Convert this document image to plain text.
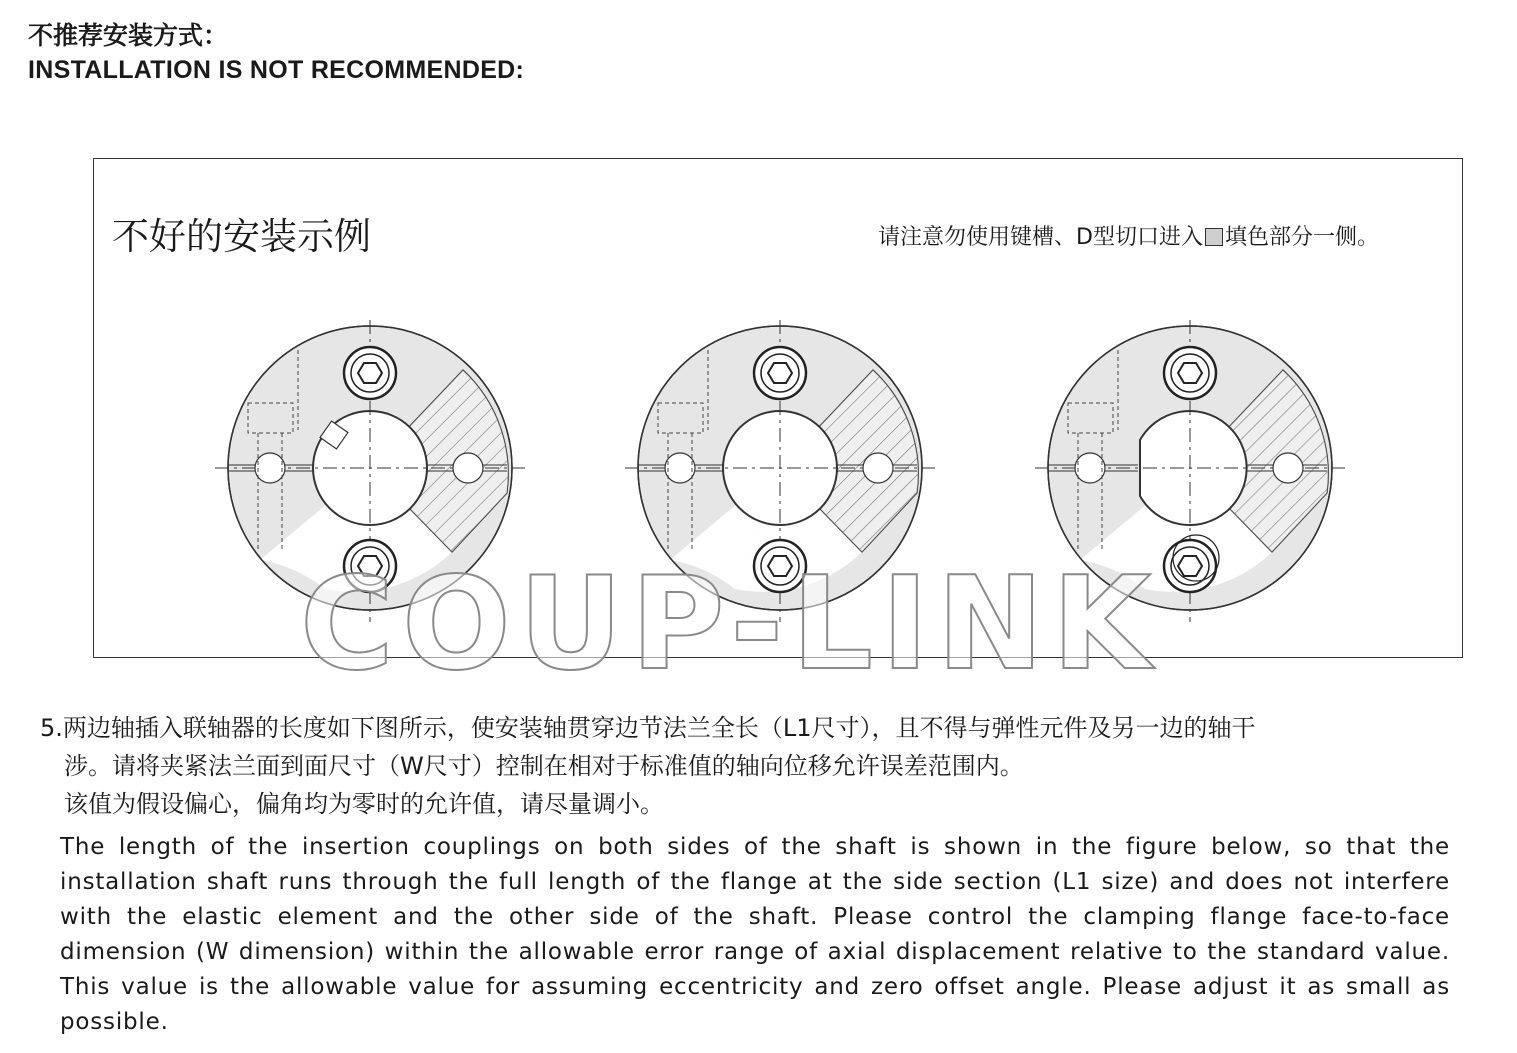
不推荐安装方式：
INSTALLATION IS NOT RECOMMENDED:
不好的安装示例	请注意勿使用键槽、D型切口进入 填色部分一侧。
COUP-LINK
5.两边轴插入联轴器的长度如下图所示，使安装轴贯穿边节法兰全长（L1尺寸），且不得与弹性元件及另一边的轴干
涉。请将夹紧法兰面到面尺寸（W尺寸）控制在相对于标准值的轴向位移允许误差范围内。
该值为假设偏心，偏角均为零时的允许值，请尽量调小。
The length of the insertion couplings on both sides of the shaft is shown in the figure below, so that the installation shaft runs through the full length of the flange at the side section (L1 size) and does not interfere with the elastic element and the other side of the shaft. Please control the clamping flange face-to-face dimension (W dimension) within the allowable error range of axial displacement relative to the standard value. This value is the allowable value for assuming eccentricity and zero offset angle. Please adjust it as small as possible.
